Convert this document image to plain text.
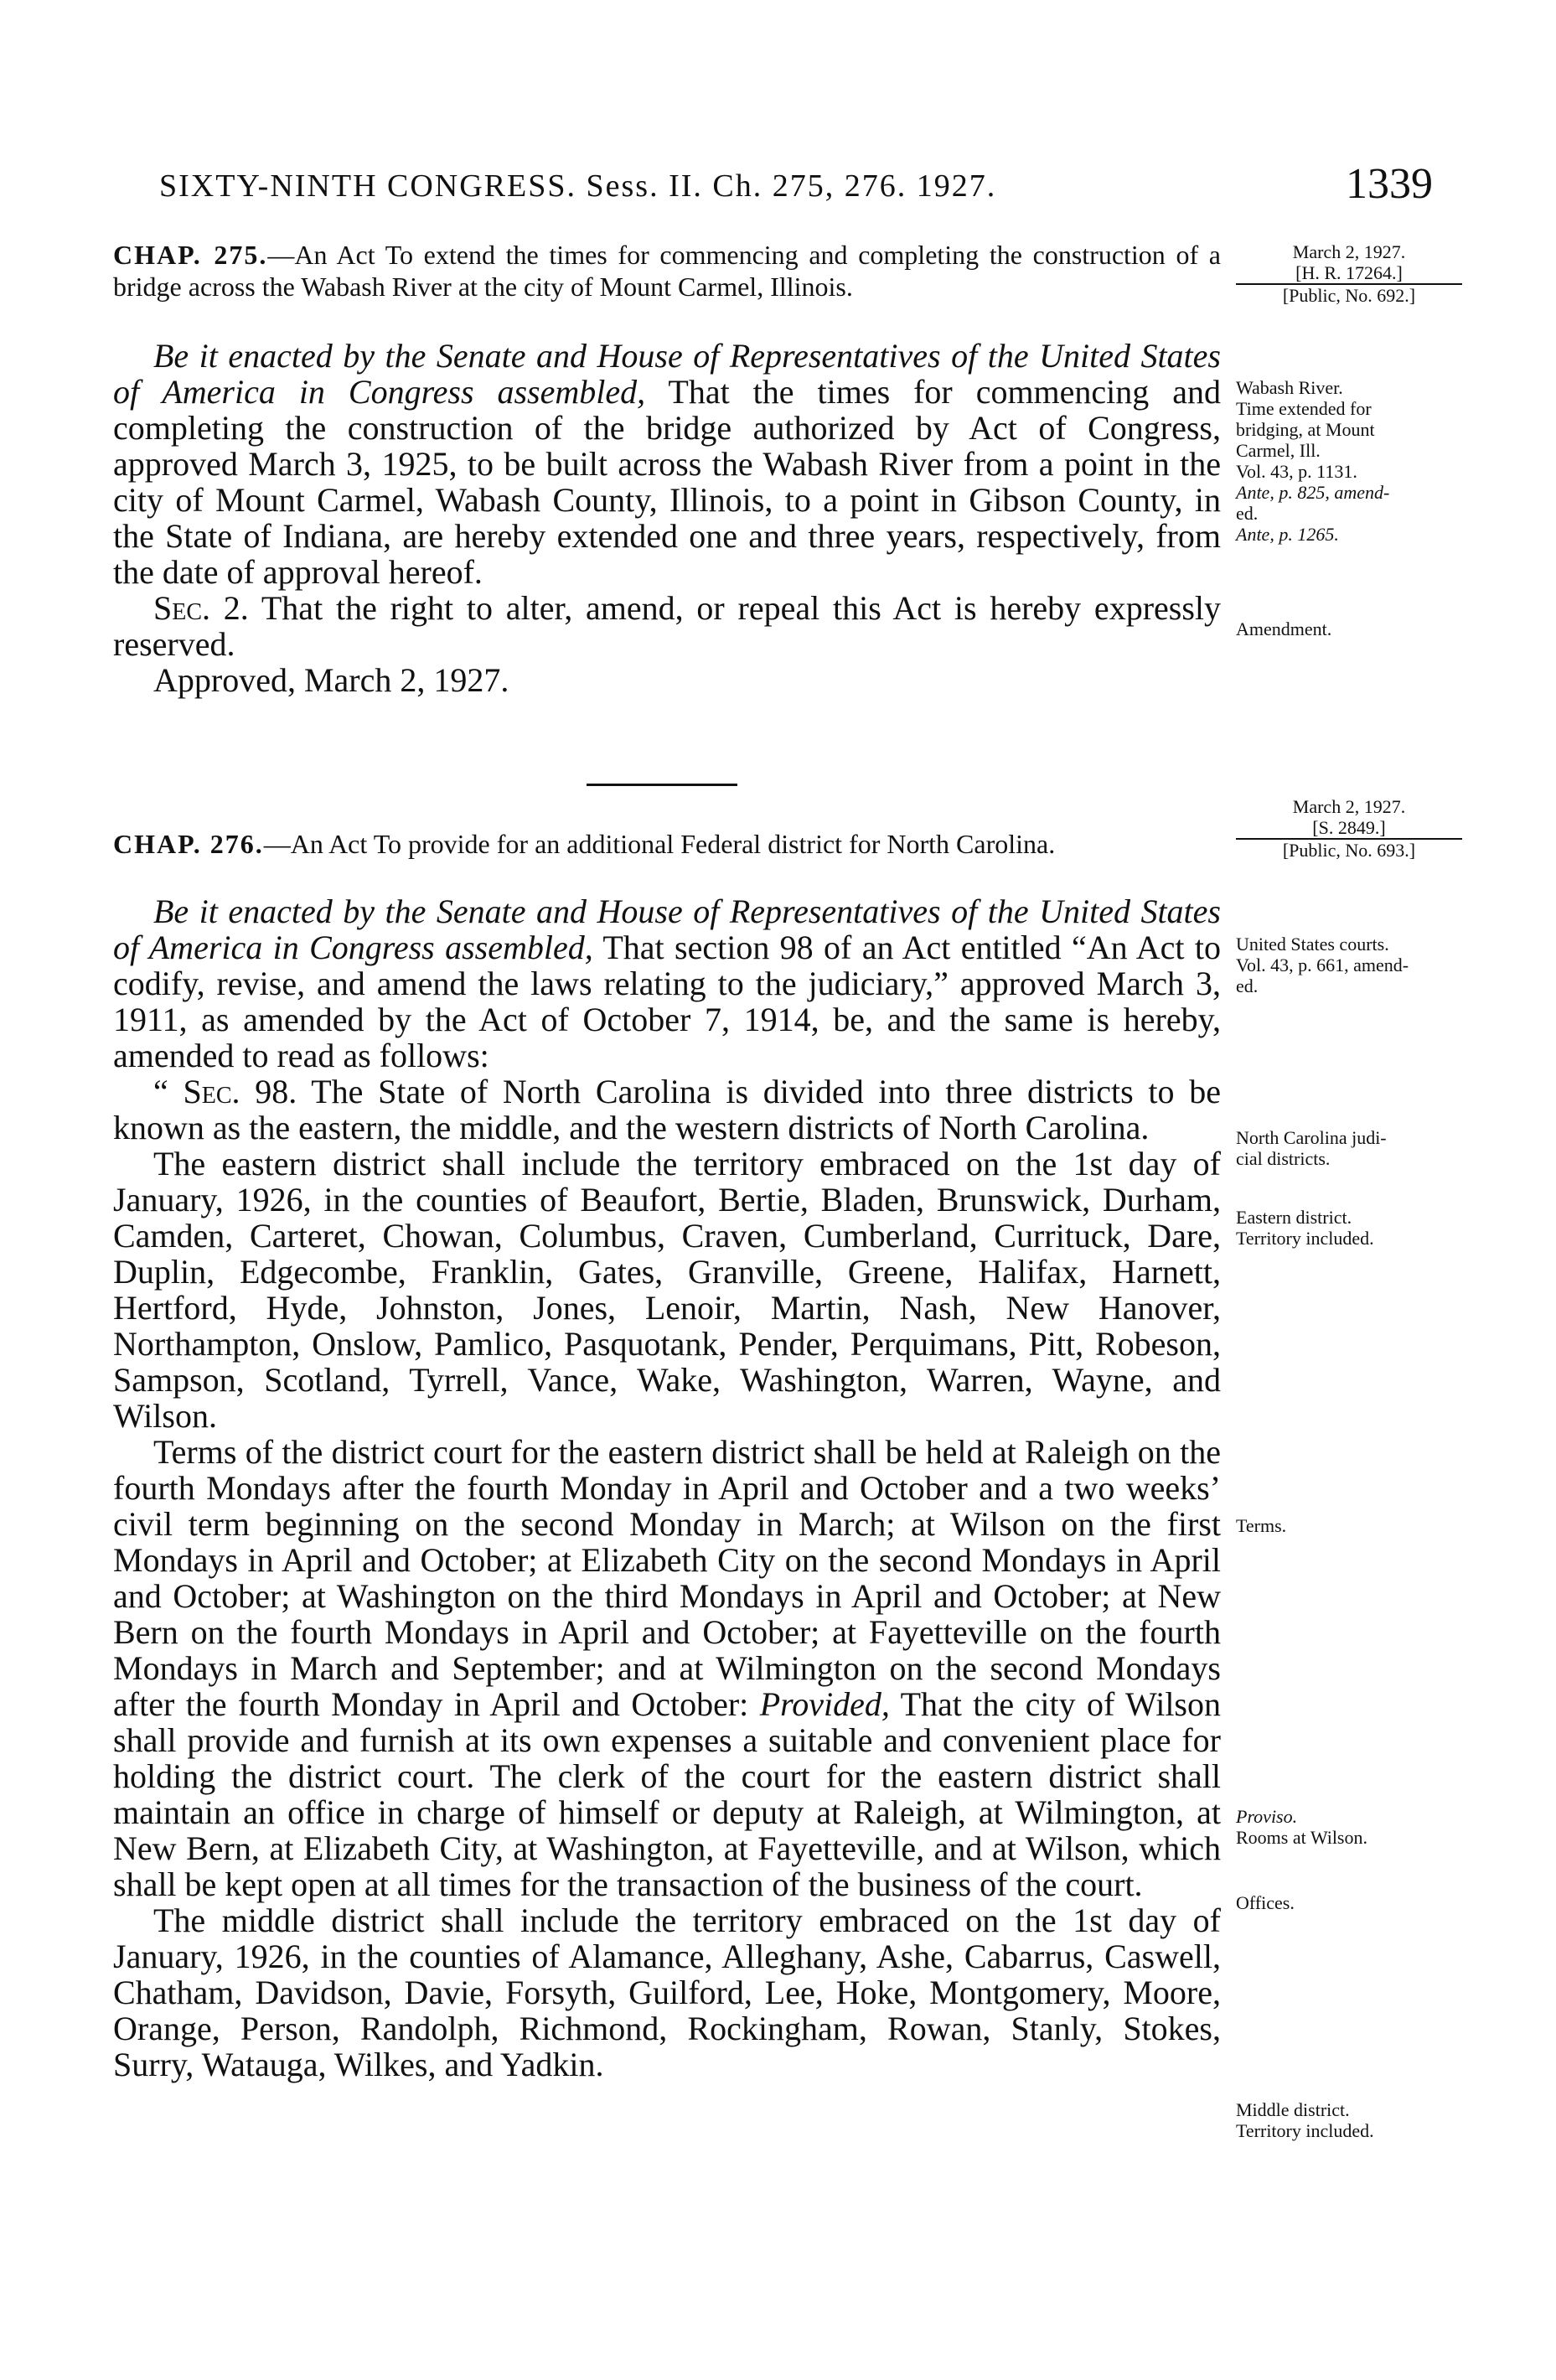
SIXTY-NINTH CONGRESS. Sess. II. Ch. 275, 276. 1927.	1339

CHAP. 275.—An Act To extend the times for commencing and completing the construction of a bridge across the Wabash River at the city of Mount Carmel, Illinois.

Be it enacted by the Senate and House of Representatives of the United States of America in Congress assembled, That the times for commencing and completing the construction of the bridge authorized by Act of Congress, approved March 3, 1925, to be built across the Wabash River from a point in the city of Mount Carmel, Wabash County, Illinois, to a point in Gibson County, in the State of Indiana, are hereby extended one and three years, respectively, from the date of approval hereof.

Sec. 2. That the right to alter, amend, or repeal this Act is hereby expressly reserved.

Approved, March 2, 1927.

CHAP. 276.—An Act To provide for an additional Federal district for North Carolina.

Be it enacted by the Senate and House of Representatives of the United States of America in Congress assembled, That section 98 of an Act entitled “An Act to codify, revise, and amend the laws relating to the judiciary,” approved March 3, 1911, as amended by the Act of October 7, 1914, be, and the same is hereby, amended to read as follows:

“ Sec. 98. The State of North Carolina is divided into three districts to be known as the eastern, the middle, and the western districts of North Carolina.

The eastern district shall include the territory embraced on the 1st day of January, 1926, in the counties of Beaufort, Bertie, Bladen, Brunswick, Durham, Camden, Carteret, Chowan, Columbus, Craven, Cumberland, Currituck, Dare, Duplin, Edgecombe, Franklin, Gates, Granville, Greene, Halifax, Harnett, Hertford, Hyde, Johnston, Jones, Lenoir, Martin, Nash, New Hanover, Northampton, Onslow, Pamlico, Pasquotank, Pender, Perquimans, Pitt, Robeson, Sampson, Scotland, Tyrrell, Vance, Wake, Washington, Warren, Wayne, and Wilson.

Terms of the district court for the eastern district shall be held at Raleigh on the fourth Mondays after the fourth Monday in April and October and a two weeks’ civil term beginning on the second Monday in March; at Wilson on the first Mondays in April and October; at Elizabeth City on the second Mondays in April and October; at Washington on the third Mondays in April and October; at New Bern on the fourth Mondays in April and October; at Fayetteville on the fourth Mondays in March and September; and at Wilmington on the second Mondays after the fourth Monday in April and October: Provided, That the city of Wilson shall provide and furnish at its own expenses a suitable and convenient place for holding the district court. The clerk of the court for the eastern district shall maintain an office in charge of himself or deputy at Raleigh, at Wilmington, at New Bern, at Elizabeth City, at Washington, at Fayetteville, and at Wilson, which shall be kept open at all times for the transaction of the business of the court.

The middle district shall include the territory embraced on the 1st day of January, 1926, in the counties of Alamance, Alleghany, Ashe, Cabarrus, Caswell, Chatham, Davidson, Davie, Forsyth, Guilford, Lee, Hoke, Montgomery, Moore, Orange, Person, Randolph, Richmond, Rockingham, Rowan, Stanly, Stokes, Surry, Watauga, Wilkes, and Yadkin.

March 2, 1927.
[H. R. 17264.]
[Public, No. 692.]
Wabash River.
Time extended for
bridging, at Mount
Carmel, Ill.
Vol. 43, p. 1131.
Ante, p. 825, amend-
ed.
Ante, p. 1265.
Amendment.
March 2, 1927.
[S. 2849.]
[Public, No. 693.]
United States courts.
Vol. 43, p. 661, amend-
ed.
North Carolina judi-
cial districts.
Eastern district.
Territory included.
Terms.
Proviso.
Rooms at Wilson.
Offices.
Middle district.
Territory included.
